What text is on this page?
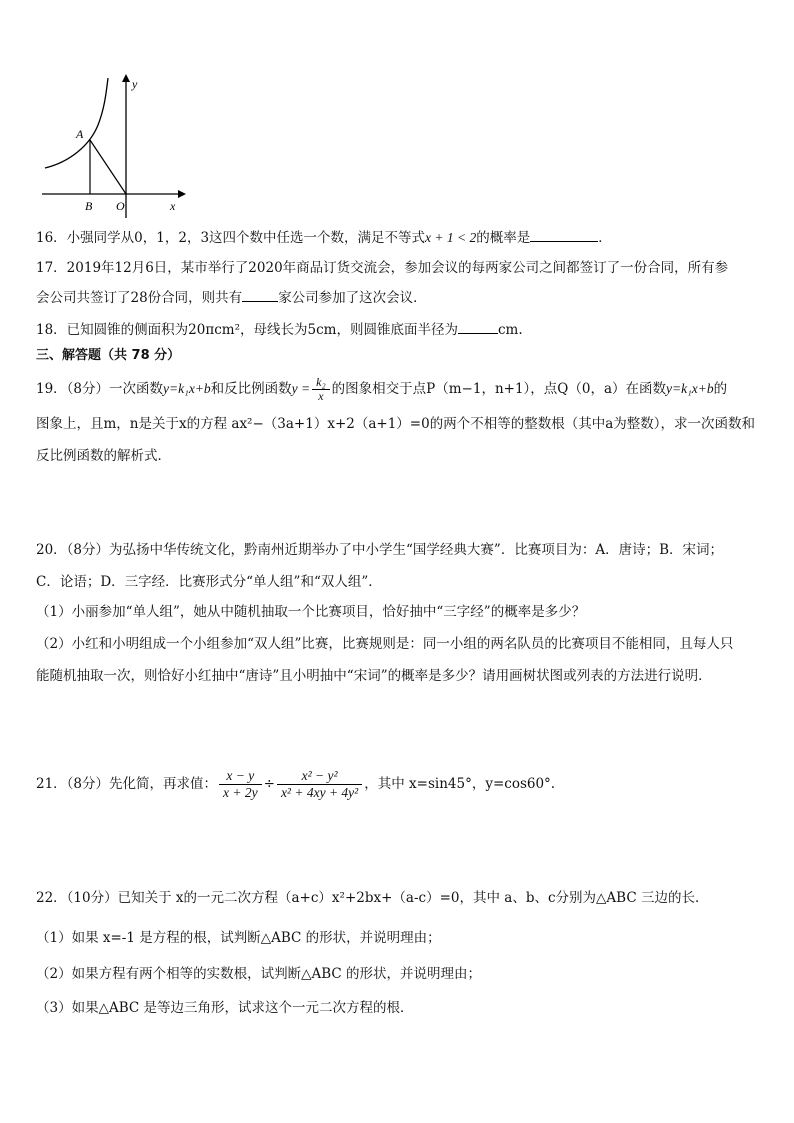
y
x
A
B O
16．小强同学从0，1，2，3这四个数中任选一个数，满足不等式x + 1 < 2的概率是	．
17．2019年12月6日，某市举行了2020年商品订货交流会，参加会议的每两家公司之间都签订了一份合同，所有参
会公司共签订了28份合同，则共有	家公司参加了这次会议．
18．已知圆锥的侧面积为20πcm²，母线长为5cm，则圆锥底面半径为	cm.
三、解答题（共 78 分）
19．（8分）一次函数y=k₁x+b和反比例函数$y = \frac{\text{k₂}}{x}$ 的图象相交于点P（m−1，n+1），点Q（0，a）在函数y=k₁x+b的
图象上，且m，n是关于x的方程 ax²−（3a+1）x+2（a+1）=0的两个不相等的整数根（其中a为整数），求一次函数和
反比例函数的解析式．
20．（8分）为弘扬中华传统文化，黔南州近期举办了中小学生“国学经典大赛”．比赛项目为：A．唐诗；B．宋词；
C．论语；D．三字经．比赛形式分“单人组”和“双人组”．
（1）小丽参加“单人组”，她从中随机抽取一个比赛项目，恰好抽中“三字经”的概率是多少？
（2）小红和小明组成一个小组参加“双人组”比赛，比赛规则是：同一小组的两名队员的比赛项目不能相同，且每人只
能随机抽取一次，则恰好小红抽中“唐诗”且小明抽中“宋词”的概率是多少？请用画树状图或列表的方法进行说明．
21．（8分）先化简，再求值： $\frac{x - y}{x + 2y} \div \frac{\text{x² − y²}}{\text{x² + 4xy + 4y²}}$ ，其中 x=sin45°，y=cos60°.
22．（10分）已知关于 x的一元二次方程（a+c）x²+2bx+（a-c）=0，其中 a、b、c分别为△ABC 三边的长．
（1）如果 x=-1 是方程的根，试判断△ABC 的形状，并说明理由；
（2）如果方程有两个相等的实数根，试判断△ABC 的形状，并说明理由；
（3）如果△ABC 是等边三角形，试求这个一元二次方程的根．
